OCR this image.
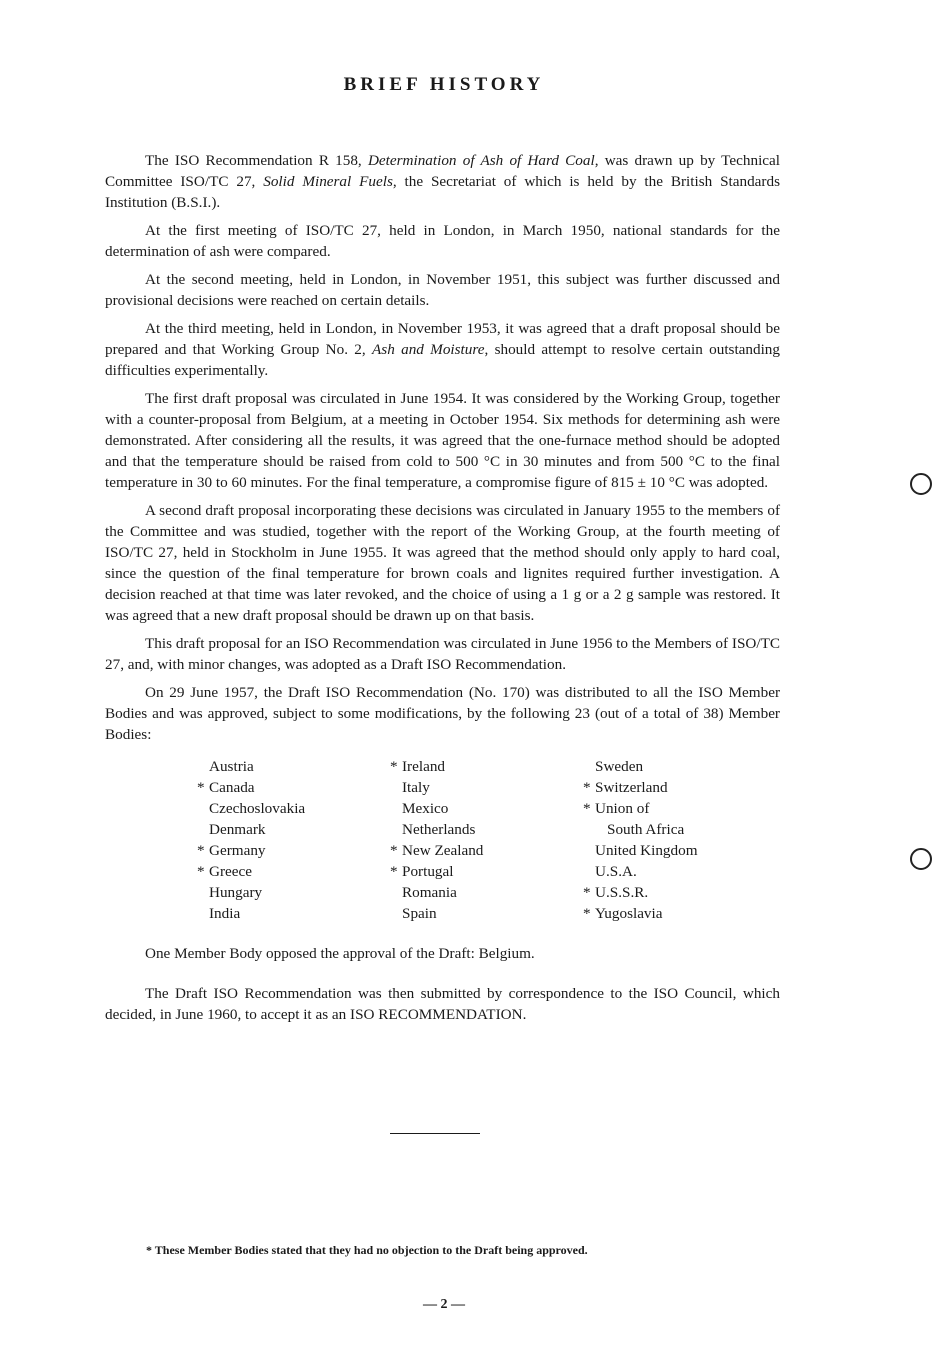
BRIEF HISTORY

The ISO Recommendation R 158, Determination of Ash of Hard Coal, was drawn up by Technical Committee ISO/TC 27, Solid Mineral Fuels, the Secretariat of which is held by the British Standards Institution (B.S.I.).

At the first meeting of ISO/TC 27, held in London, in March 1950, national standards for the determination of ash were compared.

At the second meeting, held in London, in November 1951, this subject was further discussed and provisional decisions were reached on certain details.

At the third meeting, held in London, in November 1953, it was agreed that a draft proposal should be prepared and that Working Group No. 2, Ash and Moisture, should attempt to resolve certain outstanding difficulties experimentally.

The first draft proposal was circulated in June 1954. It was considered by the Working Group, together with a counter-proposal from Belgium, at a meeting in October 1954. Six methods for determining ash were demonstrated. After considering all the results, it was agreed that the one-furnace method should be adopted and that the temperature should be raised from cold to 500 °C in 30 minutes and from 500 °C to the final temperature in 30 to 60 minutes. For the final temperature, a compromise figure of 815 ± 10 °C was adopted.

A second draft proposal incorporating these decisions was circulated in January 1955 to the members of the Committee and was studied, together with the report of the Working Group, at the fourth meeting of ISO/TC 27, held in Stockholm in June 1955. It was agreed that the method should only apply to hard coal, since the question of the final temperature for brown coals and lignites required further investigation. A decision reached at that time was later revoked, and the choice of using a 1 g or a 2 g sample was restored. It was agreed that a new draft proposal should be drawn up on that basis.

This draft proposal for an ISO Recommendation was circulated in June 1956 to the Members of ISO/TC 27, and, with minor changes, was adopted as a Draft ISO Recommendation.

On 29 June 1957, the Draft ISO Recommendation (No. 170) was distributed to all the ISO Member Bodies and was approved, subject to some modifications, by the following 23 (out of a total of 38) Member Bodies:

Austria
* Canada
Czechoslovakia
Denmark
* Germany
* Greece
Hungary
India
* Ireland
Italy
Mexico
Netherlands
* New Zealand
* Portugal
Romania
Spain
Sweden
* Switzerland
* Union of
South Africa
United Kingdom
U.S.A.
* U.S.S.R.
* Yugoslavia

One Member Body opposed the approval of the Draft: Belgium.

The Draft ISO Recommendation was then submitted by correspondence to the ISO Council, which decided, in June 1960, to accept it as an ISO RECOMMENDATION.

* These Member Bodies stated that they had no objection to the Draft being approved.
— 2 —
